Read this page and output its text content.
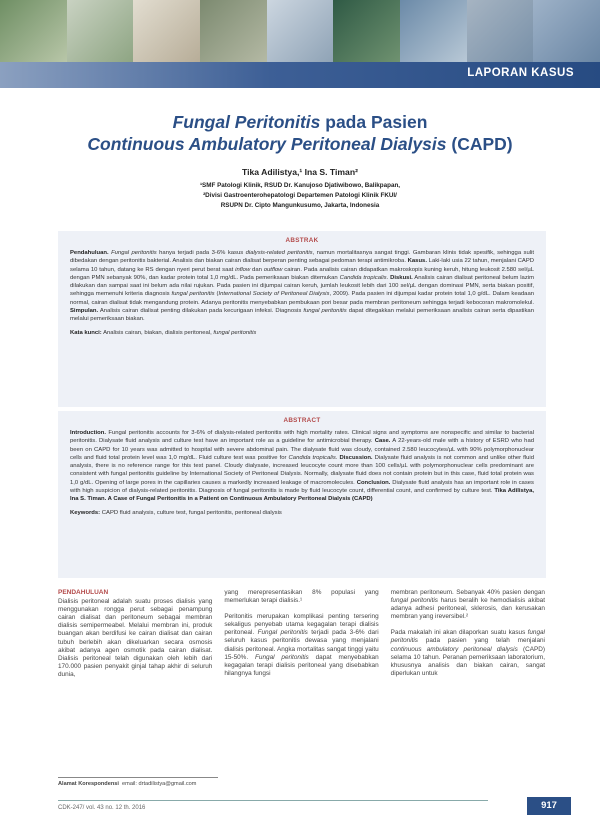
LAPORAN KASUS
Fungal Peritonitis pada Pasien
Continuous Ambulatory Peritoneal Dialysis (CAPD)
Tika Adilistya,¹ Ina S. Timan²
¹SMF Patologi Klinik, RSUD Dr. Kanujoso Djatiwibowo, Balikpapan,
²Divisi Gastroenterohepatologi Departemen Patologi Klinik FKUI/
RSUPN Dr. Cipto Mangunkusumo, Jakarta, Indonesia
ABSTRAK
Pendahuluan. Fungal peritonitis hanya terjadi pada 3-6% kasus dialysis-related peritonitis, namun mortalitasnya sangat tinggi. Gambaran klinis tidak spesifik, sehingga sulit dibedakan dengan peritonitis bakterial. Analisis dan biakan cairan dialisat berperan penting sebagai pedoman terapi antimikroba. Kasus. Laki-laki usia 22 tahun, menjalani CAPD selama 10 tahun, datang ke RS dengan nyeri perut berat saat inflow dan outflow cairan. Pada analisis cairan didapatkan makroskopis kuning keruh, hitung leukosit 2.580 sel/µL dengan PMN sebanyak 90%, dan kadar protein total 1,0 mg/dL. Pada pemeriksaan biakan ditemukan Candida tropicalis. Diskusi. Analisis cairan dialisat peritoneal belum lazim dilakukan dan sampai saat ini belum ada nilai rujukan. Pada pasien ini dijumpai cairan keruh, jumlah leukosit lebih dari 100 sel/µL dengan dominasi PMN, serta biakan positif, sehingga memenuhi kriteria diagnosis fungal peritonitis (International Society of Peritoneal Dialysis, 2009). Pada pasien ini dijumpai kadar protein total 1,0 g/dL. Dalam keadaan normal, cairan dialisat tidak mengandung protein. Adanya peritonitis menyebabkan pembukaan pori besar pada membran peritoneum sehingga terjadi kebocoran makromolekul. Simpulan. Analisis cairan dialisat penting dilakukan pada kecurigaan infeksi. Diagnosis fungal peritonitis dapat ditegakkan melalui pemeriksaan analisis cairan serta dipastikan melalui pemeriksaan biakan.
Kata kunci: Analisis cairan, biakan, dialisis peritoneal, fungal peritonitis
ABSTRACT
Introduction. Fungal peritonitis accounts for 3-6% of dialysis-related peritonitis with high mortality rates. Clinical signs and symptoms are nonspecific and similar to bacterial peritonitis. Dialysate fluid analysis and culture test have an important role as a guideline for antimicrobial therapy. Case. A 22-years-old male with a history of ESRD who had been on CAPD for 10 years was admitted to hospital with severe abdominal pain. The dialysate fluid was cloudy, contained 2.580 leucocytes/µL with 90% polymorphonuclear cells and fluid total protein level was 1,0 mg/dL. Fluid culture test was positive for Candida tropicalis. Discussion. Dialysate fluid analysis is not common and unlike other fluid analysis, there is no reference range for this test panel. Cloudy dialysate, increased leucocyte count more than 100 cells/µL with polymorphonuclear cells predominant are consistent with fungal peritonitis guideline by International Society of Peritoneal Dialysis. Normally, dialysate fluid does not contain protein but in this case, fluid total protein was 1,0 g/dL. Opening of large pores in the capillaries causes a markedly increased leakage of macromolecules. Conclusion. Dialysate fluid analysis has an important role in cases with high suspicion of dialysis-related peritonitis. Diagnosis of fungal peritonitis is made by fluid leucocyte count, differential count, and confirmed by culture test. Tika Adilistya, Ina S. Timan. A Case of Fungal Peritonitis in a Patient on Continuous Ambulatory Peritoneal Dialysis (CAPD)
Keywords: CAPD fluid analysis, culture test, fungal peritonitis, peritoneal dialysis
PENDAHULUAN

Dialisis peritoneal adalah suatu proses dialisis yang menggunakan rongga perut sebagai penampung cairan dialisat dan peritoneum sebagai membran dialisis semipermeabel. Melalui membran ini, produk buangan akan berdifusi ke cairan dialisat dan cairan tubuh berlebih akan dikeluarkan secara osmosis akibat adanya agen osmotik pada cairan dialisat. Dialisis peritoneal telah digunakan oleh lebih dari 170.000 pasien penyakit ginjal tahap akhir di seluruh dunia,

yang merepresentasikan 8% populasi yang memerlukan terapi dialisis.¹

Peritonitis merupakan komplikasi penting tersering sekaligus penyebab utama kegagalan terapi dialisis peritoneal. Fungal peritonitis terjadi pada 3-6% dari seluruh kasus peritonitis dewasa yang menjalani dialisis peritoneal. Angka mortalitas sangat tinggi yaitu 15-50%. Fungal peritonitis dapat menyebabkan kegagalan terapi dialisis peritoneal yang disebabkan hilangnya fungsi

membran peritoneum. Sebanyak 40% pasien dengan fungal peritonitis harus beralih ke hemodialisis akibat adanya adhesi peritoneal, sklerosis, dan kerusakan membran yang ireversibel.²

Pada makalah ini akan dilaporkan suatu kasus fungal peritonitis pada pasien yang telah menjalani continuous ambulatory peritoneal dialysis (CAPD) selama 10 tahun. Peranan pemeriksaan laboratorium, khususnya analisis dan biakan cairan, sangat diperlukan untuk

Alamat Korespondensi email: drtadilistya@gmail.com
CDK-247/ vol. 43 no. 12 th. 2016	917
